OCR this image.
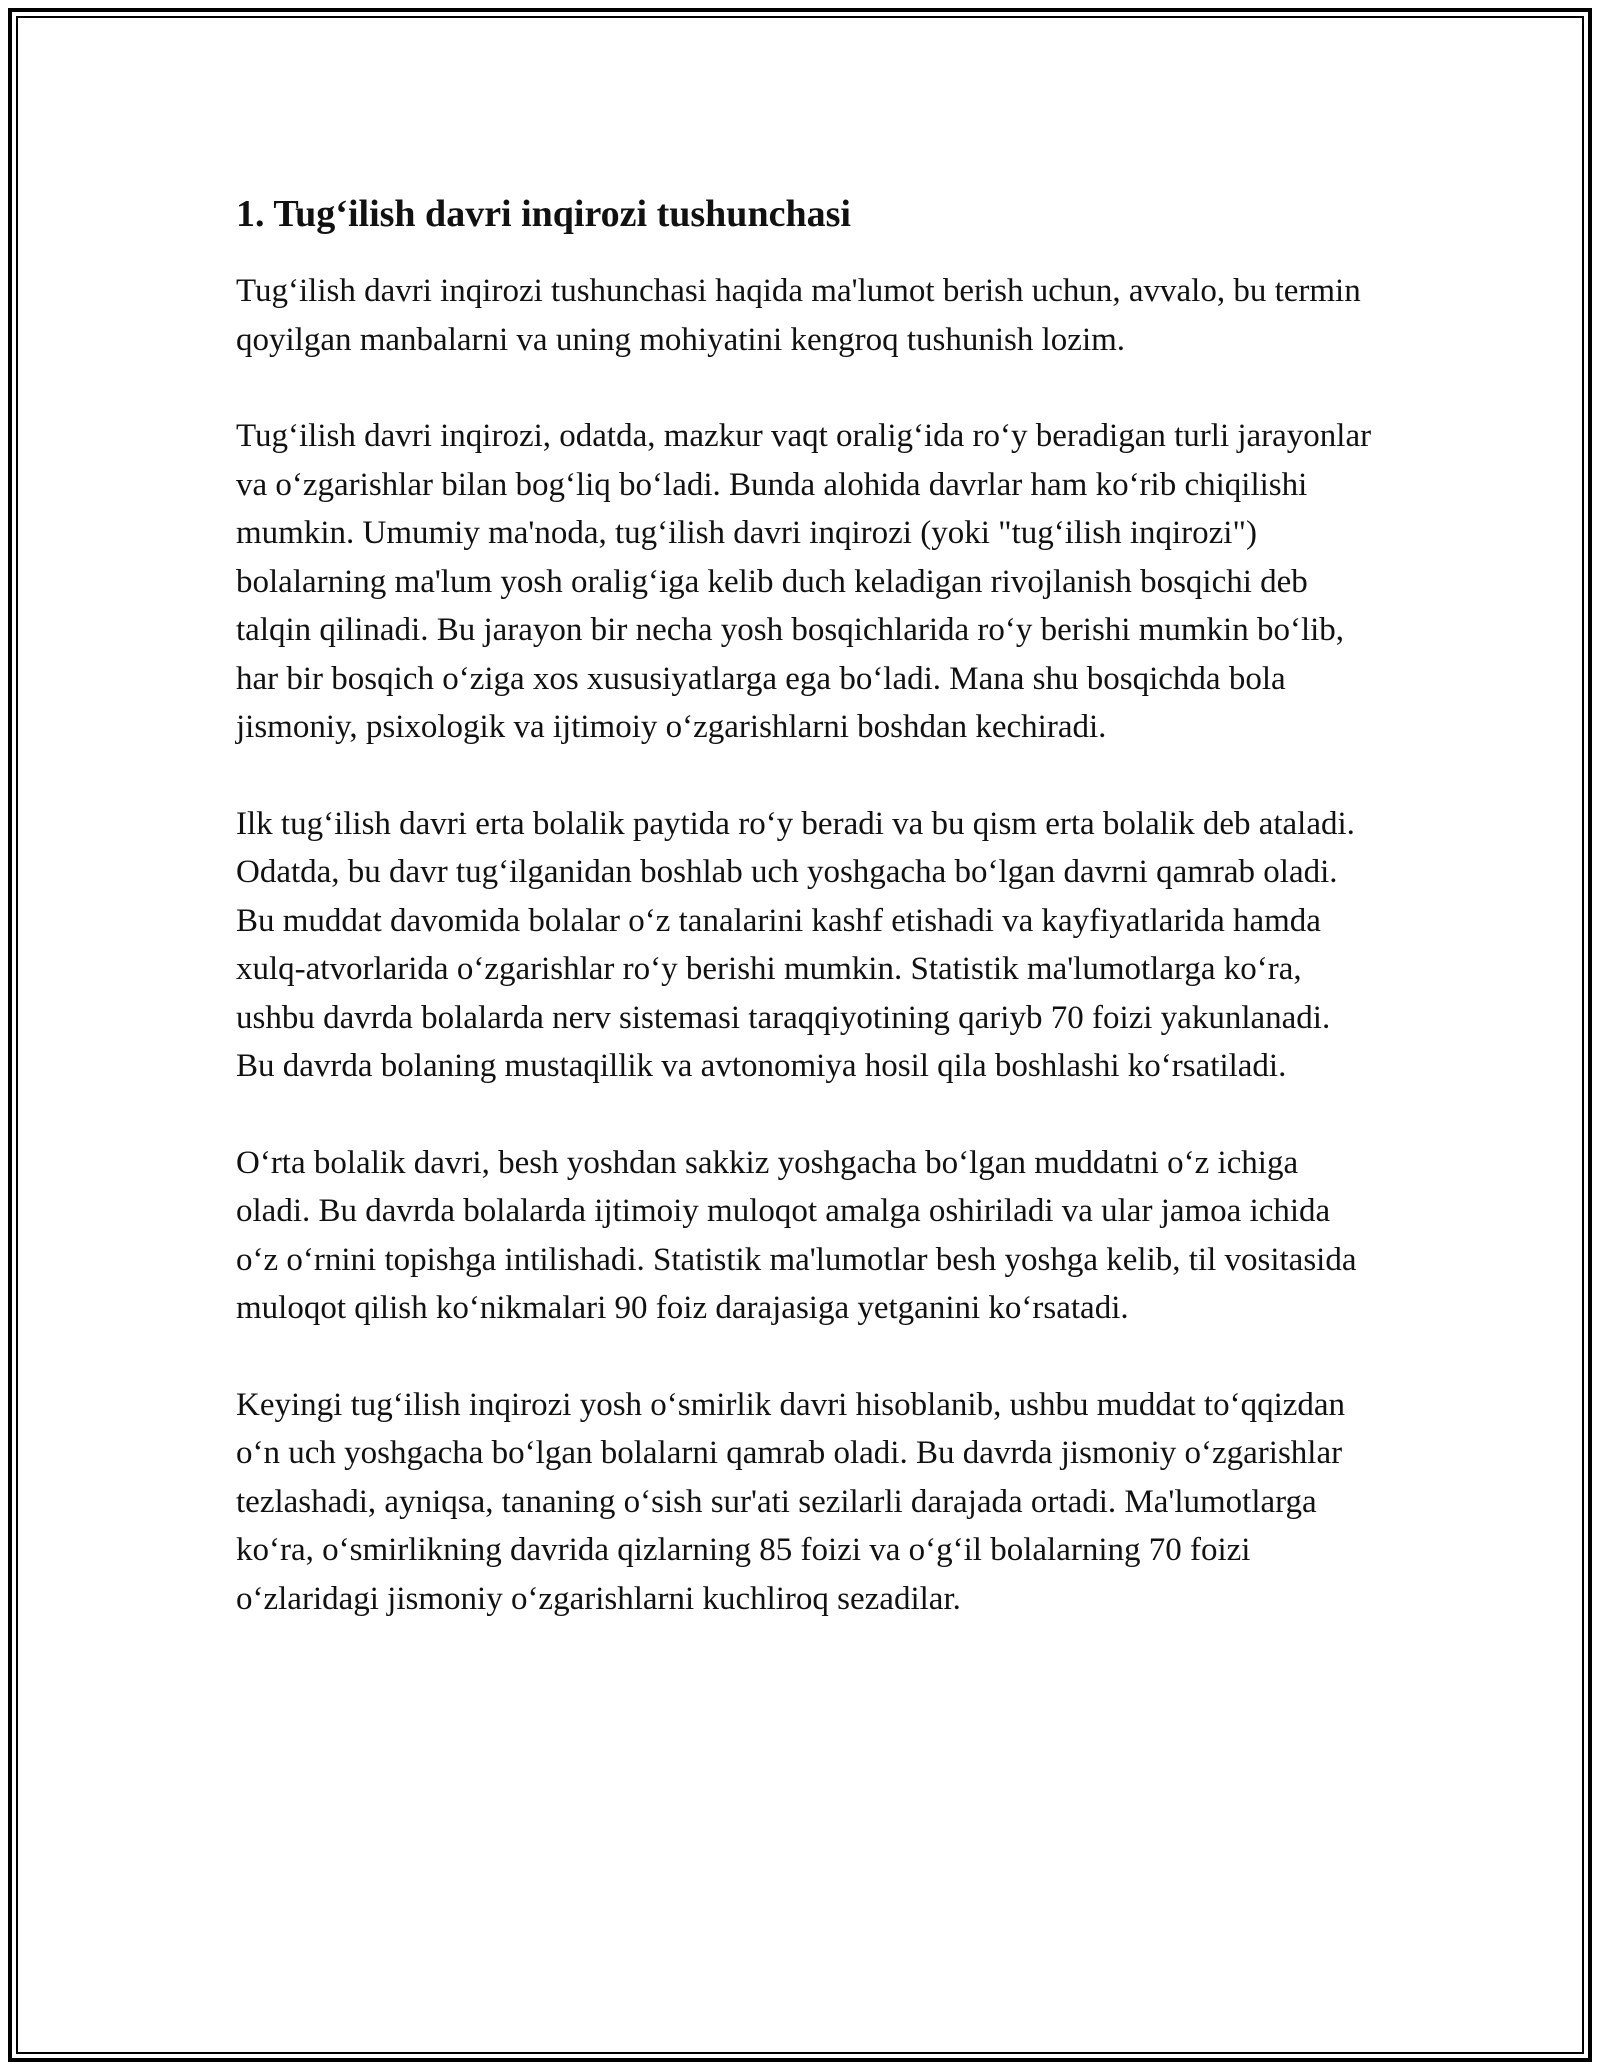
1. Tug‘ilish davri inqirozi tushunchasi

Tug‘ilish davri inqirozi tushunchasi haqida ma'lumot berish uchun, avvalo, bu termin qoyilgan manbalarni va uning mohiyatini kengroq tushunish lozim.

Tug‘ilish davri inqirozi, odatda, mazkur vaqt oralig‘ida ro‘y beradigan turli jarayonlar va o‘zgarishlar bilan bog‘liq bo‘ladi. Bunda alohida davrlar ham ko‘rib chiqilishi mumkin. Umumiy ma'noda, tug‘ilish davri inqirozi (yoki "tug‘ilish inqirozi") bolalarning ma'lum yosh oralig‘iga kelib duch keladigan rivojlanish bosqichi deb talqin qilinadi. Bu jarayon bir necha yosh bosqichlarida ro‘y berishi mumkin bo‘lib, har bir bosqich o‘ziga xos xususiyatlarga ega bo‘ladi. Mana shu bosqichda bola jismoniy, psixologik va ijtimoiy o‘zgarishlarni boshdan kechiradi.

Ilk tug‘ilish davri erta bolalik paytida ro‘y beradi va bu qism erta bolalik deb ataladi. Odatda, bu davr tug‘ilganidan boshlab uch yoshgacha bo‘lgan davrni qamrab oladi. Bu muddat davomida bolalar o‘z tanalarini kashf etishadi va kayfiyatlarida hamda xulq-atvorlarida o‘zgarishlar ro‘y berishi mumkin. Statistik ma'lumotlarga ko‘ra, ushbu davrda bolalarda nerv sistemasi taraqqiyotining qariyb 70 foizi yakunlanadi. Bu davrda bolaning mustaqillik va avtonomiya hosil qila boshlashi ko‘rsatiladi.

O‘rta bolalik davri, besh yoshdan sakkiz yoshgacha bo‘lgan muddatni o‘z ichiga oladi. Bu davrda bolalarda ijtimoiy muloqot amalga oshiriladi va ular jamoa ichida o‘z o‘rnini topishga intilishadi. Statistik ma'lumotlar besh yoshga kelib, til vositasida muloqot qilish ko‘nikmalari 90 foiz darajasiga yetganini ko‘rsatadi.

Keyingi tug‘ilish inqirozi yosh o‘smirlik davri hisoblanib, ushbu muddat to‘qqizdan o‘n uch yoshgacha bo‘lgan bolalarni qamrab oladi. Bu davrda jismoniy o‘zgarishlar tezlashadi, ayniqsa, tananing o‘sish sur'ati sezilarli darajada ortadi. Ma'lumotlarga ko‘ra, o‘smirlikning davrida qizlarning 85 foizi va o‘g‘il bolalarning 70 foizi o‘zlaridagi jismoniy o‘zgarishlarni kuchliroq sezadilar.
